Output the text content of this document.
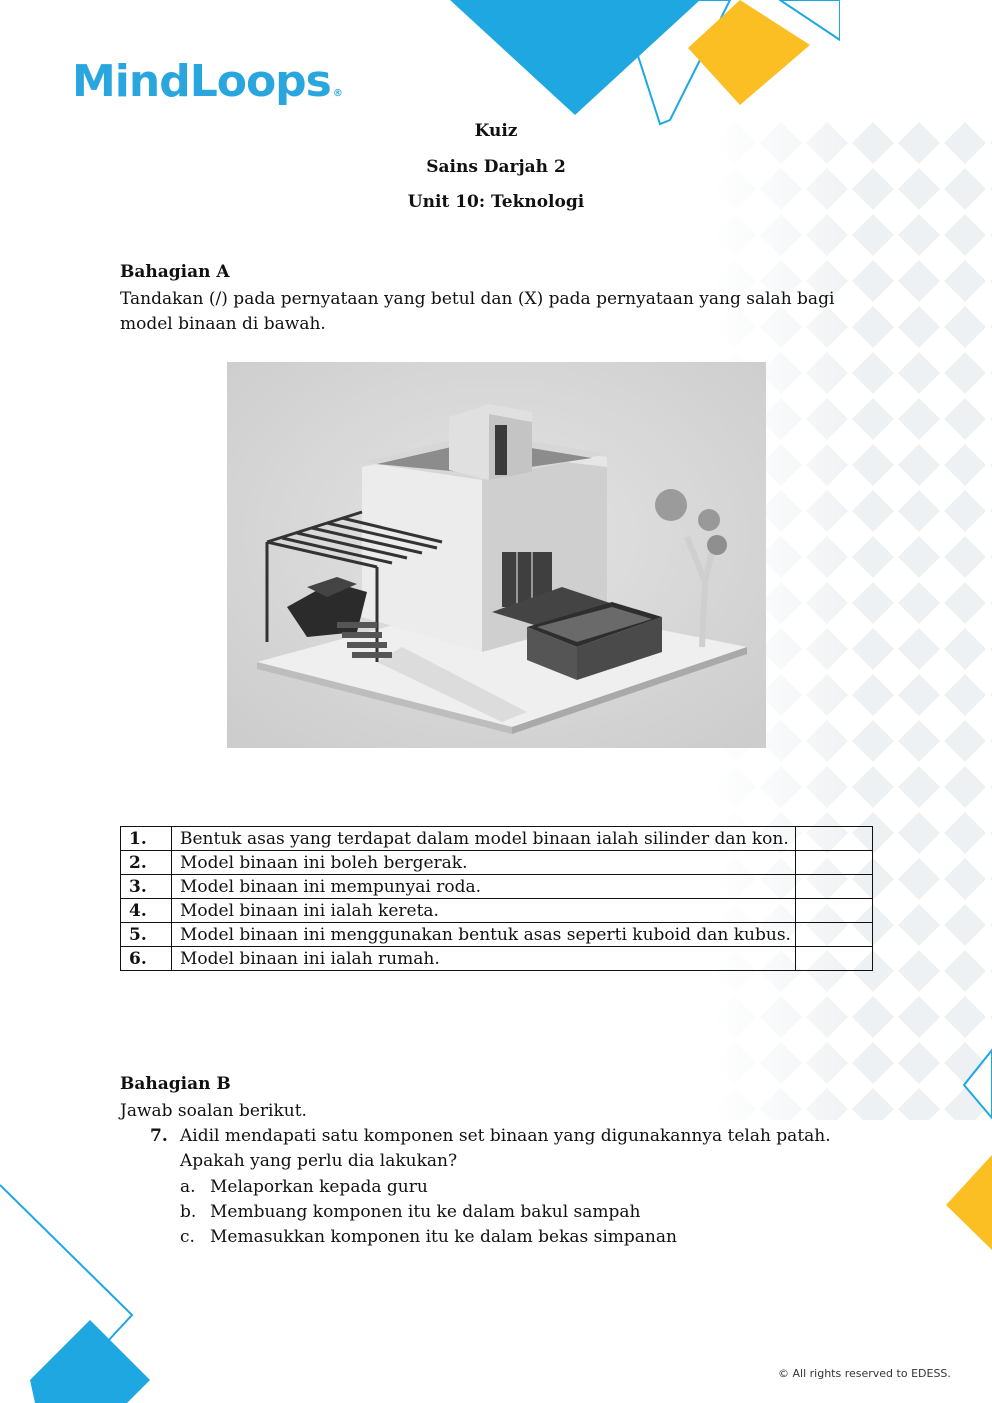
Mind Loops$_®$
Kuiz
Sains Darjah 2
Unit 10: Teknologi
Bahagian A
Tandakan (/) pada pernyataan yang betul dan (X) pada pernyataan yang salah bagi
model binaan di bawah.
1.	Bentuk asas yang terdapat dalam model binaan ialah silinder dan kon.	
2.	Model binaan ini boleh bergerak.	
3.	Model binaan ini mempunyai roda.	
4.	Model binaan ini ialah kereta.	
5.	Model binaan ini menggunakan bentuk asas seperti kuboid dan kubus.	
6.	Model binaan ini ialah rumah.	
Bahagian B
Jawab soalan berikut.
7. Aidil mendapati satu komponen set binaan yang digunakannya telah patah.
Apakah yang perlu dia lakukan?
a. Melaporkan kepada guru
b. Membuang komponen itu ke dalam bakul sampah
c. Memasukkan komponen itu ke dalam bekas simpanan
© All rights reserved to EDESS.
